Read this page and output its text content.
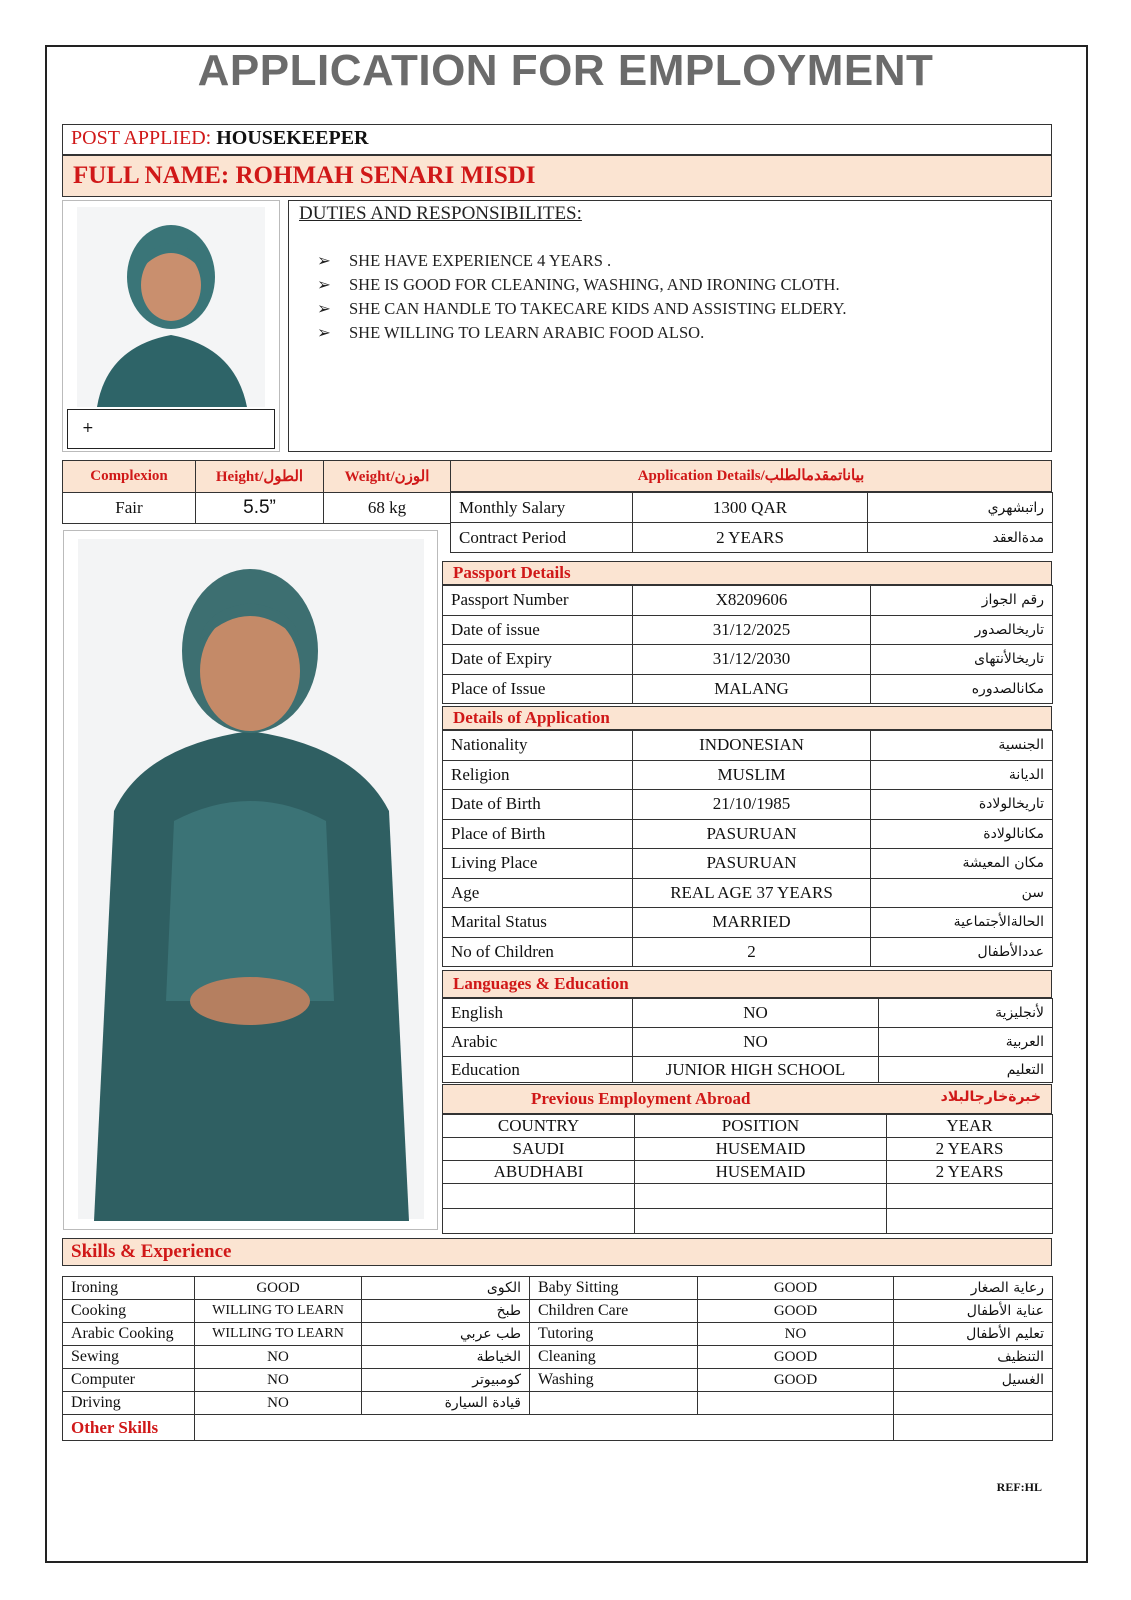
APPLICATION FOR EMPLOYMENT
POST APPLIED: HOUSEKEEPER
FULL NAME: ROHMAH SENARI MISDI
+
DUTIES AND RESPONSIBILITES:
➢ SHE HAVE EXPERIENCE 4 YEARS .
➢ SHE IS GOOD FOR CLEANING, WASHING, AND IRONING CLOTH.
➢ SHE CAN HANDLE TO TAKECARE KIDS AND ASSISTING ELDERY.
➢ SHE WILLING TO LEARN ARABIC FOOD ALSO.
Complexion	Height/الطول	Weight/الوزن
Fair	5.5”	68 kg
Application Details/بياناتمقدمالطلب
Monthly Salary	1300 QAR	راتبشهري
Contract Period	2 YEARS	مدةالعقد
Passport Details
Passport Number	X8209606	رقم الجواز
Date of issue	31/12/2025	تاريخالصدور
Date of Expiry	31/12/2030	تاريخالأنتهاى
Place of Issue	MALANG	مكانالصدوره
Details of Application
Nationality	INDONESIAN	الجنسية
Religion	MUSLIM	الديانة
Date of Birth	21/10/1985	تاريخالولادة
Place of Birth	PASURUAN	مكانالولادة
Living Place	PASURUAN	مكان المعيشة
Age	REAL AGE 37 YEARS	سن
Marital Status	MARRIED	الحالةالأجتماعية
No of Children	2	عددالأطفال
Languages & Education
English	NO	لأنجليزية
Arabic	NO	العربية
Education	JUNIOR HIGH SCHOOL	التعليم
Previous Employment Abroad	خبرةخارجالبلاد
COUNTRY	POSITION	YEAR
SAUDI	HUSEMAID	2 YEARS
ABUDHABI	HUSEMAID	2 YEARS

Skills & Experience
Ironing	GOOD	الكوى	Baby Sitting	GOOD	رعاية الصغار
Cooking	WILLING TO LEARN	طبخ	Children Care	GOOD	عناية الأطفال
Arabic Cooking	WILLING TO LEARN	طب عربي	Tutoring	NO	تعليم الأطفال
Sewing	NO	الخياطة	Cleaning	GOOD	التنظيف
Computer	NO	كومبيوتر	Washing	GOOD	الغسيل
Driving	NO	قيادة السيارة			
Other Skills					
REF:HL
